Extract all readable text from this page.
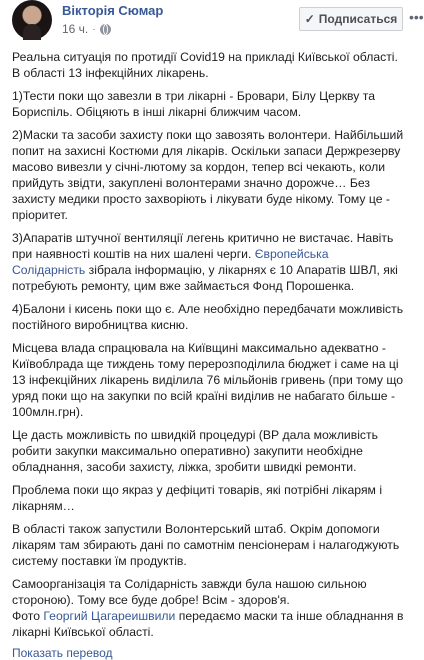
Вікторія Сюмар
16 ч. ·
✓ Подписаться •••

Реальна ситуація по протидії Covid19 на прикладі Київської області. В області 13 інфекційних лікарень.

1)Тести поки що завезли в три лікарні - Бровари, Білу Церкву та Бориспіль. Обіцяють в інші лікарні ближчим часом.

2)Маски та засоби захисту поки що завозять волонтери. Найбільший попит на захисні Костюми для лікарів. Оскільки запаси Держрезерву масово вивезли у січні-лютому за кордон, тепер всі чекають, коли прийдуть звідти, закуплені волонтерами значно дорожче… Без захисту медики просто захворіють і лікувати буде нікому. Тому це - пріоритет.

3)Апаратів штучної вентиляції легень критично не вистачає. Навіть при наявності коштів на них шалені черги. Європейська Солідарність зібрала інформацію, у лікарнях є 10 Апаратів ШВЛ, які потребують ремонту, цим вже займається Фонд Порошенка.

4)Балони і кисень поки що є. Але необхідно передбачати можливість постійного виробництва кисню.

Місцева влада спрацювала на Київщині максимально адекватно - Київоблрада ще тиждень тому перерозподілила бюджет і саме на ці 13 інфекційних лікарень виділила 76 мільйонів гривень (при тому що уряд поки що на закупки по всій країні виділив не набагато більше - 100млн.грн).

Це дасть можливість по швидкій процедурі (ВР дала можливість робити закупки максимально оперативно) закупити необхідне обладнання, засоби захисту, ліжка, зробити швидкі ремонти.

Проблема поки що якраз у дефіциті товарів, які потрібні лікарям і лікарням…

В області також запустили Волонтерський штаб. Окрім допомоги лікарям там збирають дані по самотнім пенсіонерам і налагоджують систему поставки їм продуктів.

Самоорганізація та Солідарність завжди була нашою сильною стороною). Тому все буде добре! Всім - здоров'я.
Фото Георгий Цагареишвили передаємо маски та інше обладнання в лікарні Київської області.

Показать перевод
